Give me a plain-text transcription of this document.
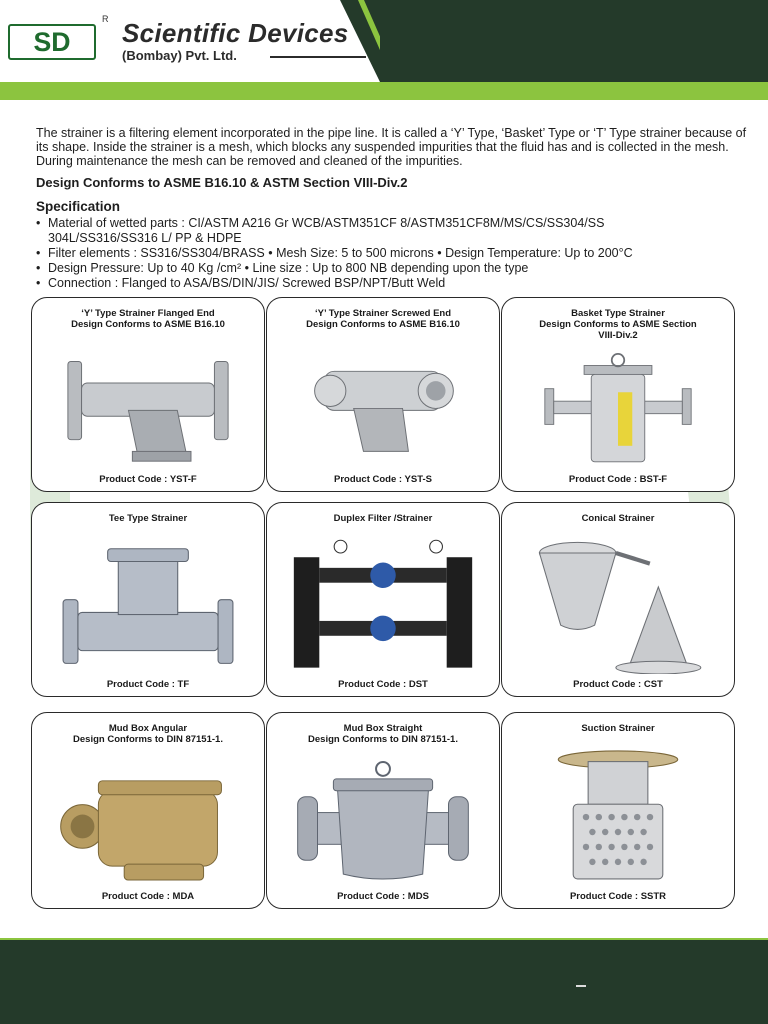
SD
R Scientific Devices
(Bombay) Pvt. Ltd.

The strainer is a filtering element incorporated in the pipe line. It is called a ‘Y’ Type, ‘Basket’ Type or ‘T’ Type strainer because of its shape. Inside the strainer is a mesh, which blocks any suspended impurities that the fluid has and is collected in the mesh. During maintenance the mesh can be removed and cleaned of the impurities.

Design Conforms to ASME B16.10 & ASTM Section VIII-Div.2
Specification
• Material of wetted parts : CI/ASTM A216 Gr WCB/ASTM351CF 8/ASTM351CF8M/MS/CS/SS304/SS
304L/SS316/SS316 L/ PP & HDPE
• Filter elements : SS316/SS304/BRASS • Mesh Size: 5 to 500 microns • Design Temperature: Up to 200°C
• Design Pressure: Up to 40 Kg /cm² • Line size : Up to 800 NB depending upon the type
• Connection : Flanged to ASA/BS/DIN/JIS/ Screwed BSP/NPT/Butt Weld
‘Y’ Type Strainer Flanged End
Design Conforms to ASME B16.10
Product Code : YST-F
‘Y’ Type Strainer Screwed End
Design Conforms to ASME B16.10
Product Code : YST-S
Basket Type Strainer
Design Conforms to ASME Section
VIII-Div.2
Product Code : BST-F
Tee Type Strainer
Product Code : TF
Duplex Filter /Strainer
Product Code : DST
Conical Strainer
Product Code : CST
Mud Box Angular
Design Conforms to DIN 87151-1.
Product Code : MDA
Mud Box Straight
Design Conforms to DIN 87151-1.
Product Code : MDS
Suction Strainer
Product Code : SSTR
